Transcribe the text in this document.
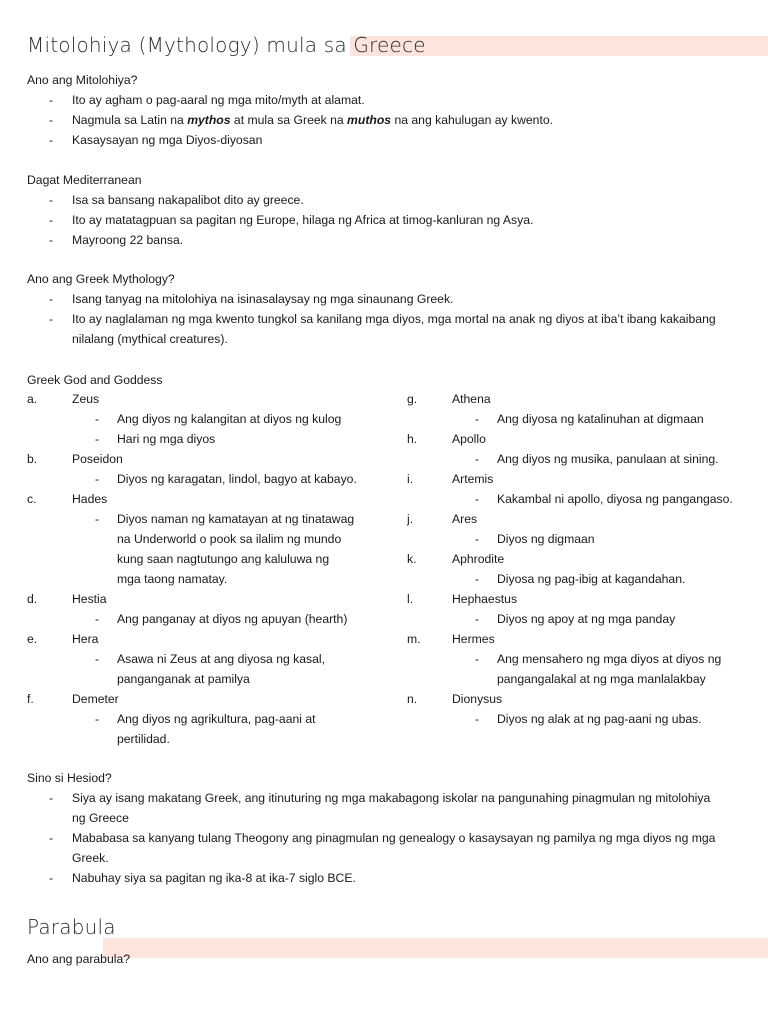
Mitolohiya (Mythology) mula sa Greece
Ano ang Mitolohiya?
- Ito ay agham o pag-aaral ng mga mito/myth at alamat.
- Nagmula sa Latin na mythos at mula sa Greek na muthos na ang kahulugan ay kwento.
- Kasaysayan ng mga Diyos-diyosan
Dagat Mediterranean
- Isa sa bansang nakapalibot dito ay greece.
- Ito ay matatagpuan sa pagitan ng Europe, hilaga ng Africa at timog-kanluran ng Asya.
- Mayroong 22 bansa.
Ano ang Greek Mythology?
- Isang tanyag na mitolohiya na isinasalaysay ng mga sinaunang Greek.
- Ito ay naglalaman ng mga kwento tungkol sa kanilang mga diyos, mga mortal na anak ng diyos at iba’t ibang kakaibang
nilalang (mythical creatures).
Greek God and Goddess
a.	Zeus
- Ang diyos ng kalangitan at diyos ng kulog
- Hari ng mga diyos
b.	Poseidon
- Diyos ng karagatan, lindol, bagyo at kabayo.
c.	Hades
- Diyos naman ng kamatayan at ng tinatawag
na Underworld o pook sa ilalim ng mundo
kung saan nagtutungo ang kaluluwa ng
mga taong namatay.
d.	Hestia
- Ang panganay at diyos ng apuyan (hearth)
e.	Hera
- Asawa ni Zeus at ang diyosa ng kasal,
panganganak at pamilya
f.	Demeter
- Ang diyos ng agrikultura, pag-aani at
pertilidad.
g.	Athena
- Ang diyosa ng katalinuhan at digmaan
h.	Apollo
- Ang diyos ng musika, panulaan at sining.
i.	Artemis
- Kakambal ni apollo, diyosa ng pangangaso.
j.	Ares
- Diyos ng digmaan
k.	Aphrodite
- Diyosa ng pag-ibig at kagandahan.
l.	Hephaestus
- Diyos ng apoy at ng mga panday
m.	Hermes
- Ang mensahero ng mga diyos at diyos ng
pangangalakal at ng mga manlalakbay
n.	Dionysus
- Diyos ng alak at ng pag-aani ng ubas.
Sino si Hesiod?
- Siya ay isang makatang Greek, ang itinuturing ng mga makabagong iskolar na pangunahing pinagmulan ng mitolohiya
ng Greece
- Mababasa sa kanyang tulang Theogony ang pinagmulan ng genealogy o kasaysayan ng pamilya ng mga diyos ng mga
Greek.
- Nabuhay siya sa pagitan ng ika-8 at ika-7 siglo BCE.
Parabula
Ano ang parabula?
